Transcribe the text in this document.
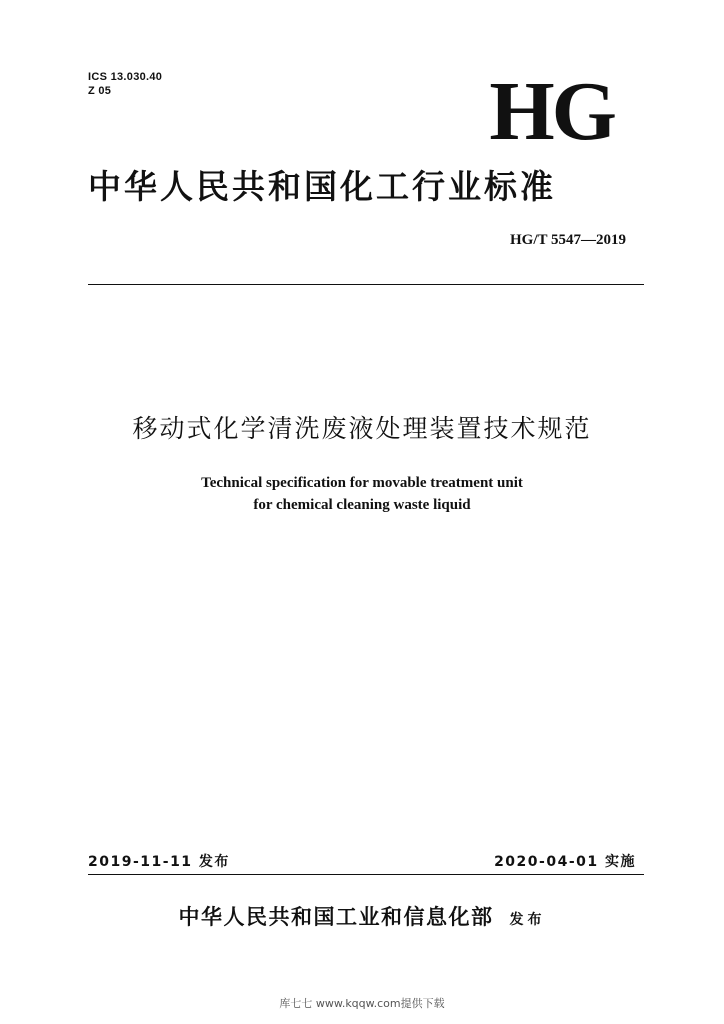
ICS 13.030.40
Z 05	HG
中华人民共和国化工行业标准
HG/T 5547—2019
移动式化学清洗废液处理装置技术规范
Technical specification for movable treatment unit
for chemical cleaning waste liquid
2019-11-11 发布	2020-04-01 实施
中华人民共和国工业和信息化部 发布
库七七 www.kqqw.com提供下载
